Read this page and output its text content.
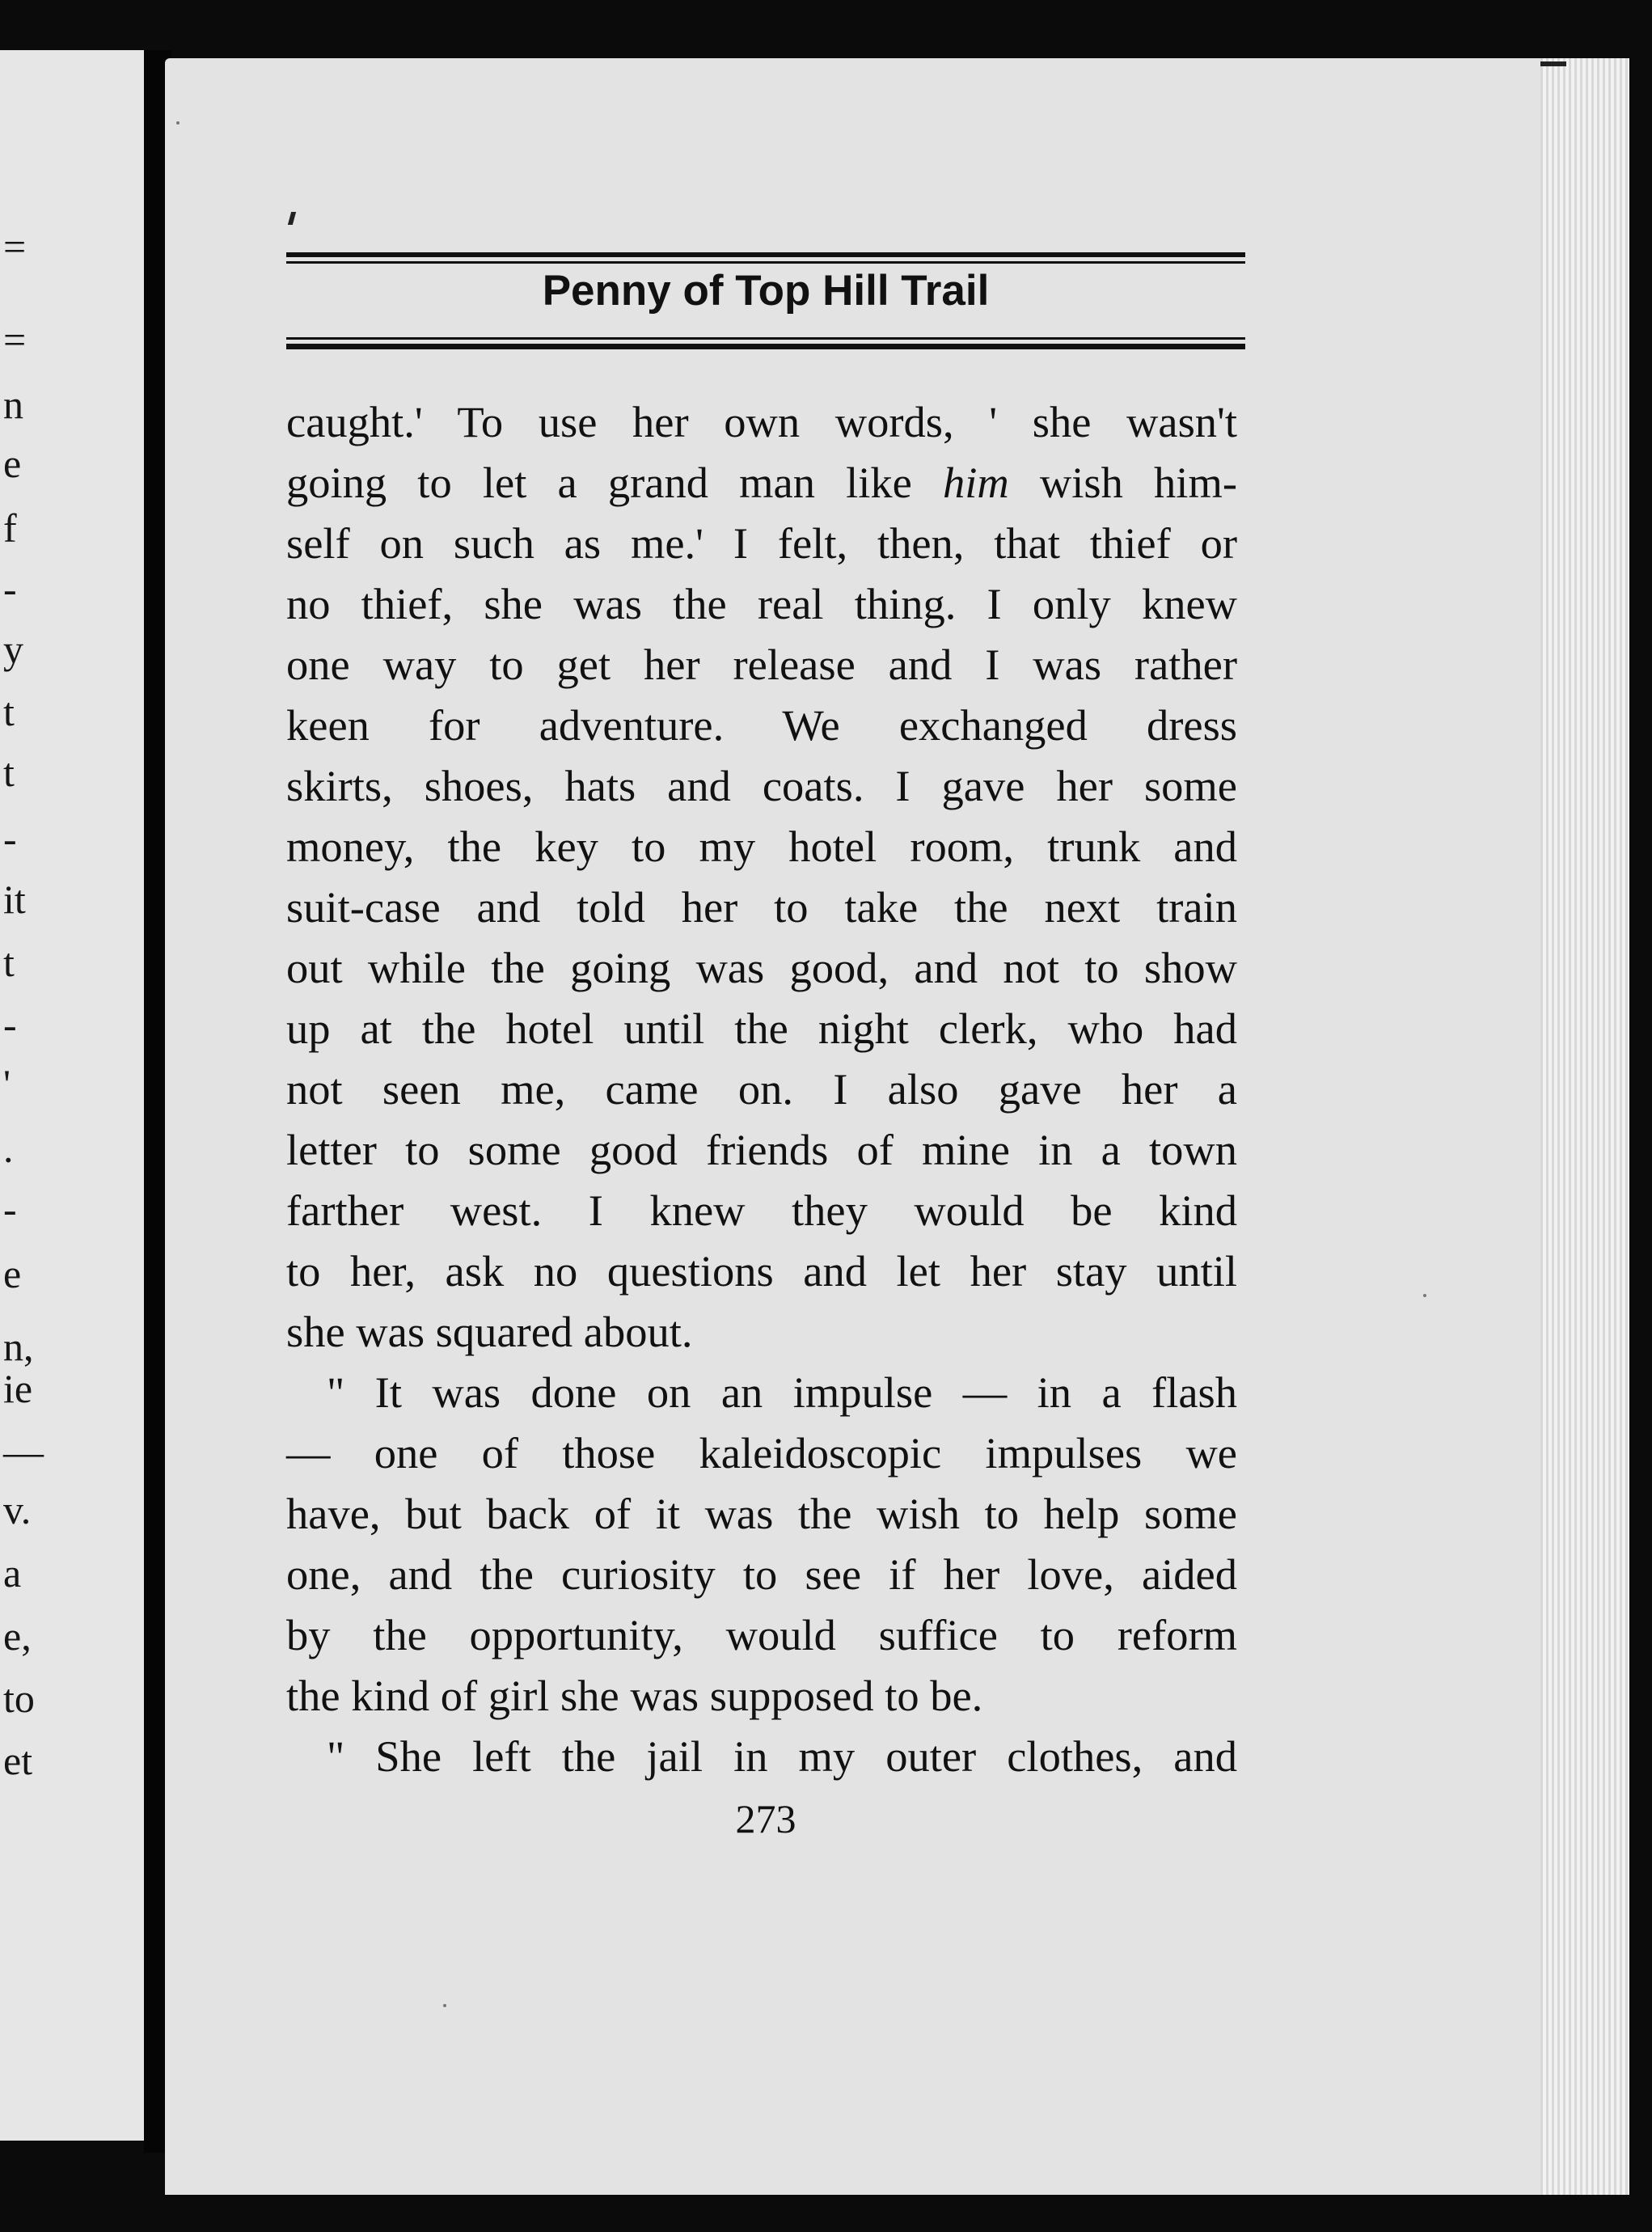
=
=
n
e
f
-
y
t
t
-
it
t
-
'
.
-
e
n,
ie
—
v.
a
e,
to
et
Penny of Top Hill Trail
caught.' To use her own words, ' she wasn't
going to let a grand man like him wish him-
self on such as me.' I felt, then, that thief or
no thief, she was the real thing. I only knew
one way to get her release and I was rather
keen for adventure. We exchanged dress
skirts, shoes, hats and coats. I gave her some
money, the key to my hotel room, trunk and
suit-case and told her to take the next train
out while the going was good, and not to show
up at the hotel until the night clerk, who had
not seen me, came on. I also gave her a
letter to some good friends of mine in a town
farther west. I knew they would be kind
to her, ask no questions and let her stay until
she was squared about.
" It was done on an impulse — in a flash
— one of those kaleidoscopic impulses we
have, but back of it was the wish to help some
one, and the curiosity to see if her love, aided
by the opportunity, would suffice to reform
the kind of girl she was supposed to be.
" She left the jail in my outer clothes, and
273
